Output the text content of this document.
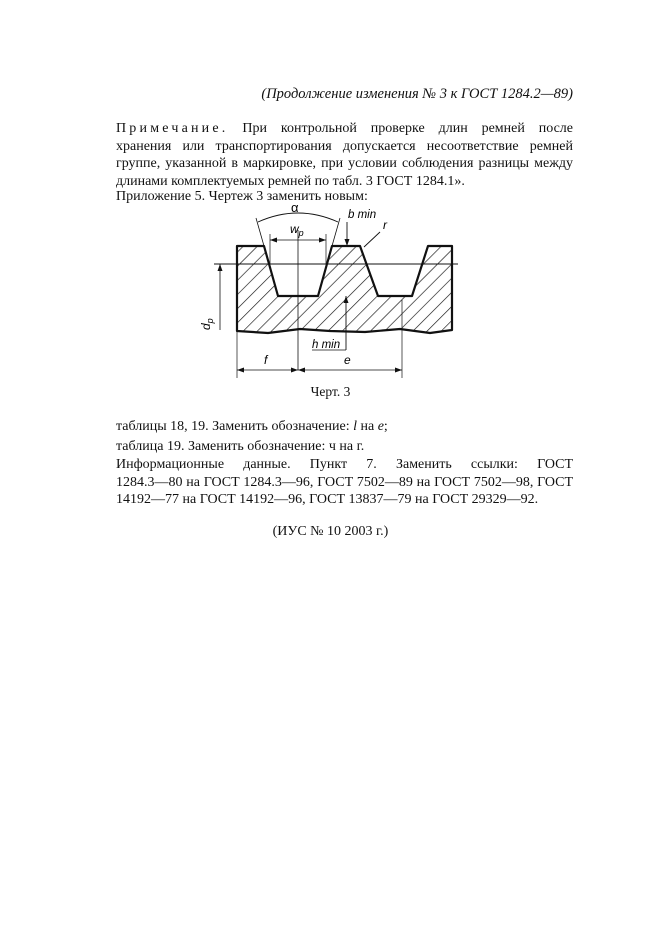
(Продолжение изменения № 3 к ГОСТ 1284.2—89)
Примечание. При контрольной проверке длин ремней после
хранения или транспортирования допускается несоответствие ремней
группе, указанной в маркировке, при условии соблюдения разницы между
длинами комплектуемых ремней по табл. 3 ГОСТ 1284.1».
Приложение 5. Чертеж 3 заменить новым:
α
$w_p$
b min
r
$d_p$
h min
f	e
Черт. 3
таблицы 18, 19. Заменить обозначение: l на e;
таблица 19. Заменить обозначение: ч на г.
Информационные данные. Пункт 7. Заменить ссылки: ГОСТ
1284.3—80 на ГОСТ 1284.3—96, ГОСТ 7502—89 на ГОСТ 7502—98, ГОСТ
14192—77 на ГОСТ 14192—96, ГОСТ 13837—79 на ГОСТ 29329—92.
(ИУС № 10 2003 г.)
